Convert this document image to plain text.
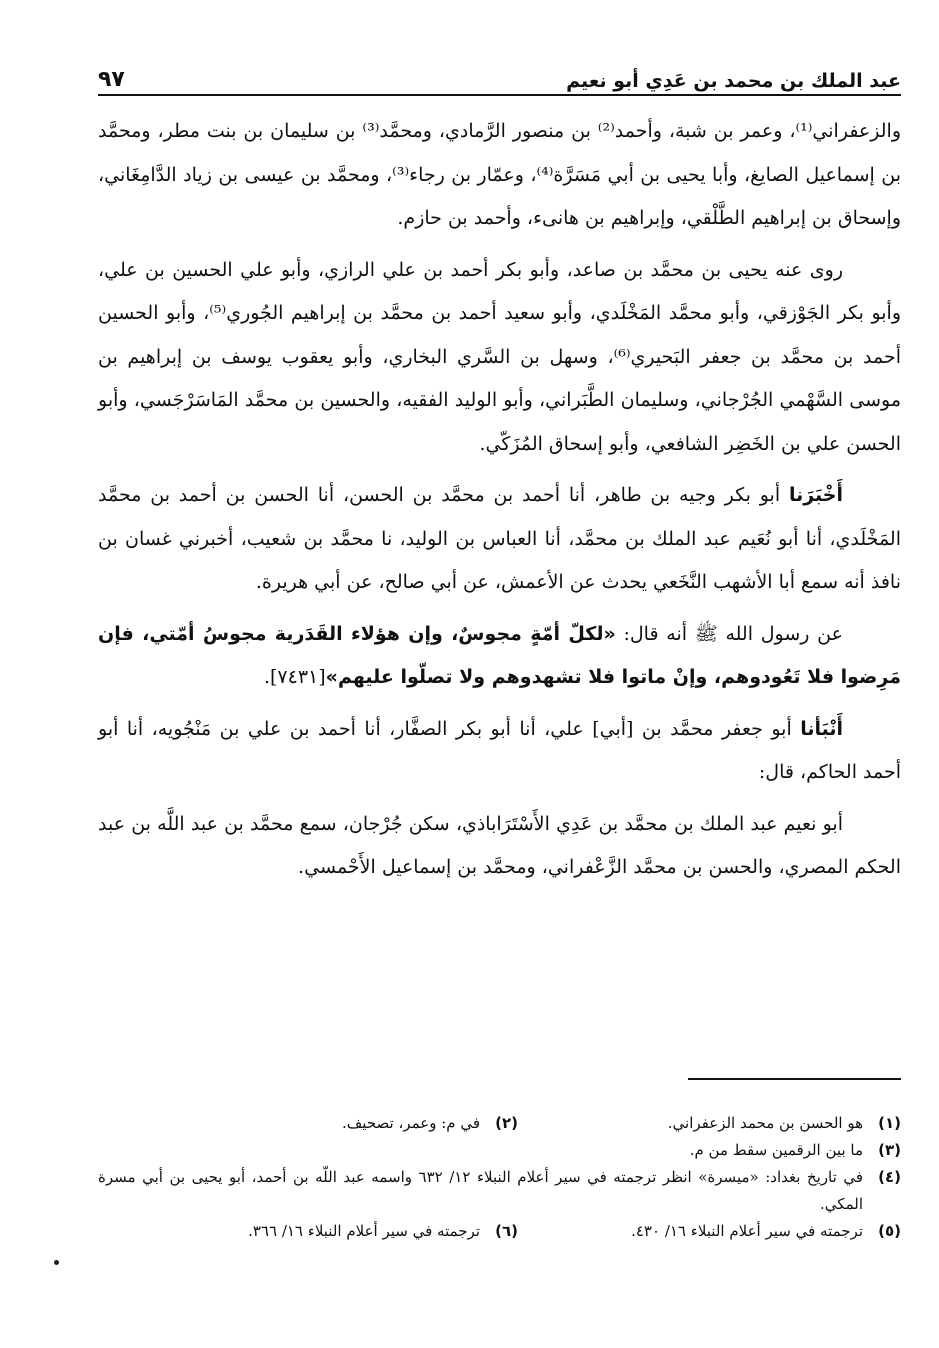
عبد الملك بن محمد بن عَدِي أبو نعيم
٩٧

والزعفراني⁽¹⁾، وعمر بن شبة، وأحمد⁽²⁾ بن منصور الرَّمادي، ومحمَّد⁽³⁾ بن سليمان بن بنت مطر، ومحمَّد بن إسماعيل الصايغ، وأبا يحيى بن أبي مَسَرَّة⁽⁴⁾، وعمّار بن رجاء⁽³⁾، ومحمَّد بن عيسى بن زياد الدَّامِغَاني، وإسحاق بن إبراهيم الطَّلْقي، وإبراهيم بن هانىء، وأحمد بن حازم.

روى عنه يحيى بن محمَّد بن صاعد، وأبو بكر أحمد بن علي الرازي، وأبو علي الحسين بن علي، وأبو بكر الجَوْزقي، وأبو محمَّد المَخْلَدي، وأبو سعيد أحمد بن محمَّد بن إبراهيم الجُوري⁽⁵⁾، وأبو الحسين أحمد بن محمَّد بن جعفر البَحيري⁽⁶⁾، وسهل بن السَّري البخاري، وأبو يعقوب يوسف بن إبراهيم بن موسى السَّهْمي الجُرْجاني، وسليمان الطَّبَراني، وأبو الوليد الفقيه، والحسين بن محمَّد المَاسَرْجَسي، وأبو الحسن علي بن الخَضِر الشافعي، وأبو إسحاق المُزَكّي.

أَخْبَرَنا أبو بكر وجيه بن طاهر، أنا أحمد بن محمَّد بن الحسن، أنا الحسن بن أحمد بن محمَّد المَخْلَدي، أنا أبو نُعَيم عبد الملك بن محمَّد، أنا العباس بن الوليد، نا محمَّد بن شعيب، أخبرني غسان بن نافذ أنه سمع أبا الأشهب النَّخَعي يحدث عن الأعمش، عن أبي صالح، عن أبي هريرة.

عن رسول الله ﷺ أنه قال: «لكلّ أمّةٍ مجوسٌ، وإن هؤلاء القَدَرية مجوسُ أمّتي، فإن مَرِضوا فلا تَعُودوهم، وإنْ ماتوا فلا تشهدوهم ولا تصلّوا عليهم»[٧٤٣١].

أَنْبَأنا أبو جعفر محمَّد بن [أبي] علي، أنا أبو بكر الصفَّار، أنا أحمد بن علي بن مَنْجُويه، أنا أبو أحمد الحاكم، قال:

أبو نعيم عبد الملك بن محمَّد بن عَدِي الأَسْتَرَاباذي، سكن جُرْجان، سمع محمَّد بن عبد اللَّه بن عبد الحكم المصري، والحسن بن محمَّد الزَّعْفراني، ومحمَّد بن إسماعيل الأَحْمسي.

(١)
هو الحسن بن محمد الزعفراني.
(٢)
في م: وعمر، تصحيف.
(٣)
ما بين الرقمين سقط من م.
(٤)
في تاريخ بغداد: «ميسرة» انظر ترجمته في سير أعلام النبلاء ١٢/ ٦٣٢ واسمه عبد اللّه بن أحمد، أبو يحيى بن أبي مسرة المكي.
(٥)
ترجمته في سير أعلام النبلاء ١٦/ ٤٣٠.
(٦)
ترجمته في سير أعلام النبلاء ١٦/ ٣٦٦.
